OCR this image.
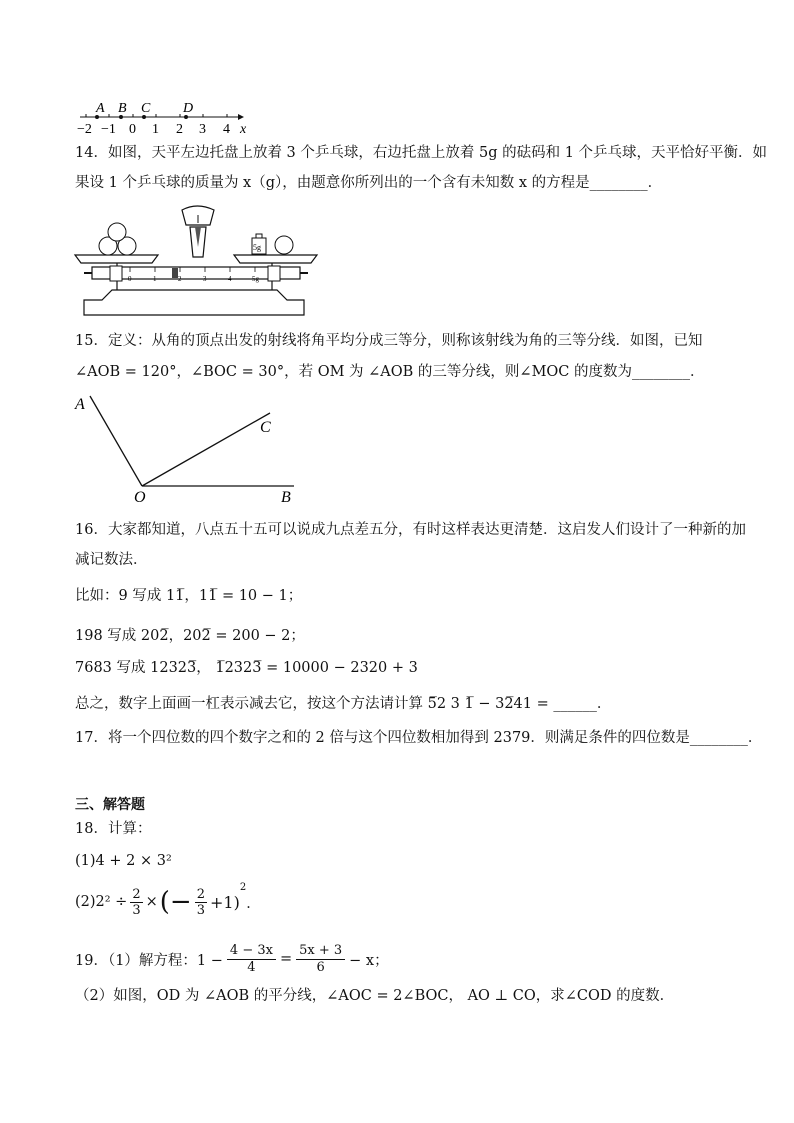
A B C D
−2 −1 0 1 2 3 4 x
14．如图，天平左边托盘上放着 3 个乒乓球，右边托盘上放着 5g 的砝码和 1 个乒乓球，天平恰好平衡．如
果设 1 个乒乓球的质量为 x（g），由题意你所列出的一个含有未知数 x 的方程是________．
5g
0	1	2	3	4	5g
15．定义：从角的顶点出发的射线将角平均分成三等分，则称该射线为角的三等分线．如图，已知
∠AOB = 120°，∠BOC = 30°，若 OM 为 ∠AOB 的三等分线，则∠MOC 的度数为________．
A
C
O	B
16．大家都知道，八点五十五可以说成九点差五分，有时这样表达更清楚．这启发人们设计了一种新的加
减记数法．
比如：9 写成 11̅，11̅ = 10 − 1；
198 写成 202̅，202̅ = 200 − 2；
7683 写成 12323̅， 1̅2323̅ = 10000 − 2320 + 3
总之，数字上面画一杠表示减去它，按这个方法请计算 5̅2 3 1̅ − 32̅41 = ______．
17．将一个四位数的四个数字之和的 2 倍与这个四位数相加得到 2379．则满足条件的四位数是________．
三、解答题
18．计算：
(1)4 + 2 × 3²
$(2)2^2 \div \frac{2}{3}$ × (− $\frac{2}{3} +1$)
2
．
19．（1）解方程：$1 - \frac{4 - 3x}{4} = \frac{5x + 3}{6} - x$；
（2）如图，OD 为 ∠AOB 的平分线，∠AOC = 2∠BOC， AO ⊥ CO，求∠COD 的度数．
